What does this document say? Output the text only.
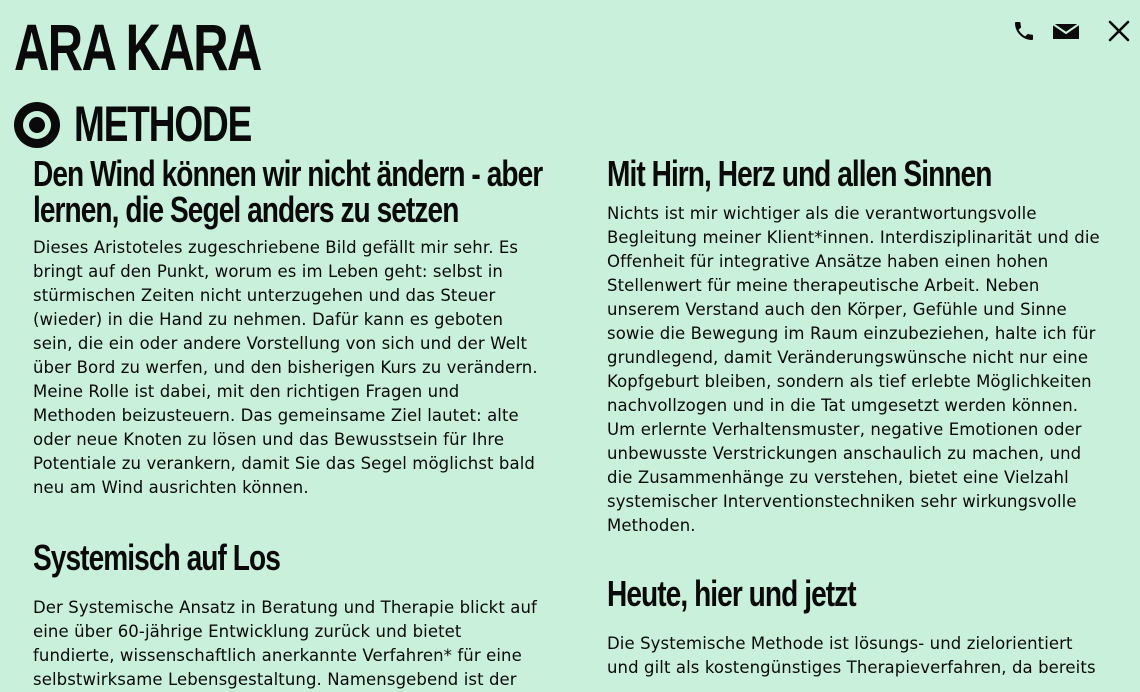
ARA KARA
METHODE
Den Wind können wir nicht ändern - aber lernen, die Segel anders zu setzen

Dieses Aristoteles zugeschriebene Bild gefällt mir sehr. Es bringt auf den Punkt, worum es im Leben geht: selbst in stürmischen Zeiten nicht unterzugehen und das Steuer (wieder) in die Hand zu nehmen. Dafür kann es geboten sein, die ein oder andere Vorstellung von sich und der Welt über Bord zu werfen, und den bisherigen Kurs zu verändern. Meine Rolle ist dabei, mit den richtigen Fragen und Methoden beizusteuern. Das gemeinsame Ziel lautet: alte oder neue Knoten zu lösen und das Bewusstsein für Ihre Potentiale zu verankern, damit Sie das Segel möglichst bald neu am Wind ausrichten können.

Systemisch auf Los

Der Systemische Ansatz in Beratung und Therapie blickt auf eine über 60-jährige Entwicklung zurück und bietet fundierte, wissenschaftlich anerkannte Verfahren* für eine selbstwirksame Lebensgestaltung. Namensgebend ist der

Mit Hirn, Herz und allen Sinnen

Nichts ist mir wichtiger als die verantwortungsvolle Begleitung meiner Klient*innen. Interdisziplinarität und die Offenheit für integrative Ansätze haben einen hohen Stellenwert für meine therapeutische Arbeit. Neben unserem Verstand auch den Körper, Gefühle und Sinne sowie die Bewegung im Raum einzubeziehen, halte ich für grundlegend, damit Veränderungswünsche nicht nur eine Kopfgeburt bleiben, sondern als tief erlebte Möglichkeiten nachvollzogen und in die Tat umgesetzt werden können. Um erlernte Verhaltensmuster, negative Emotionen oder unbewusste Verstrickungen anschaulich zu machen, und die Zusammenhänge zu verstehen, bietet eine Vielzahl systemischer Interventionstechniken sehr wirkungsvolle Methoden.

Heute, hier und jetzt

Die Systemische Methode ist lösungs- und zielorientiert und gilt als kostengünstiges Therapieverfahren, da bereits
